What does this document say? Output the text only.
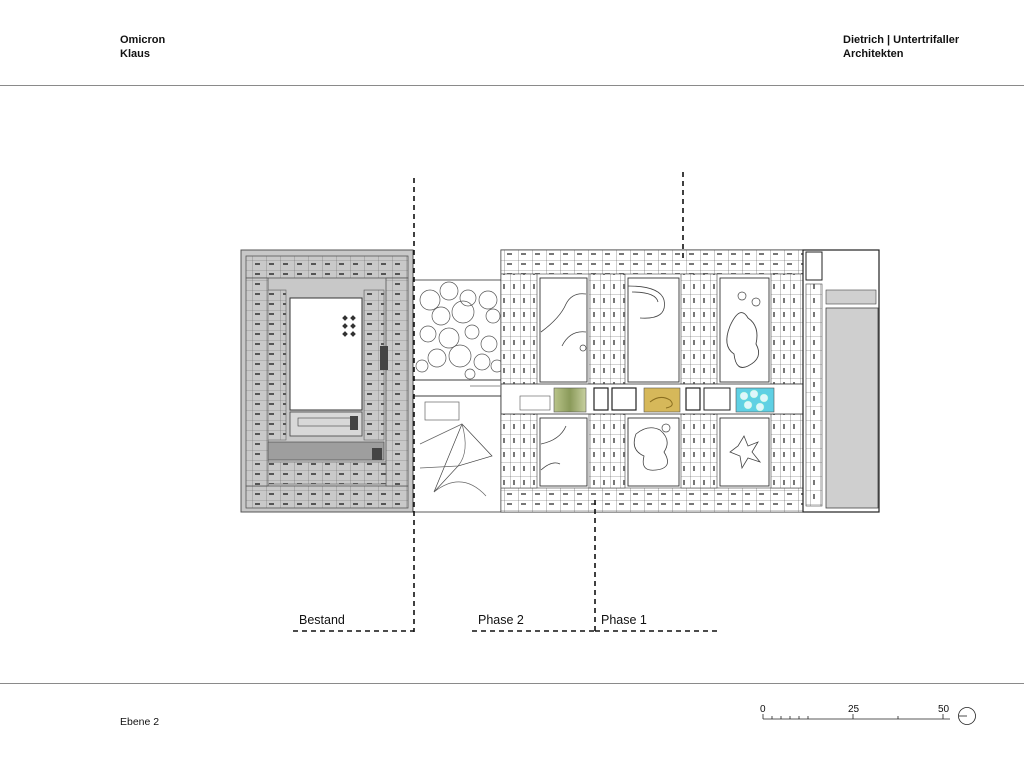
Omicron
Klaus
Dietrich | Untertrifaller
Architekten
Bestand	Phase 2	Phase 1
0	25	50
Ebene 2
